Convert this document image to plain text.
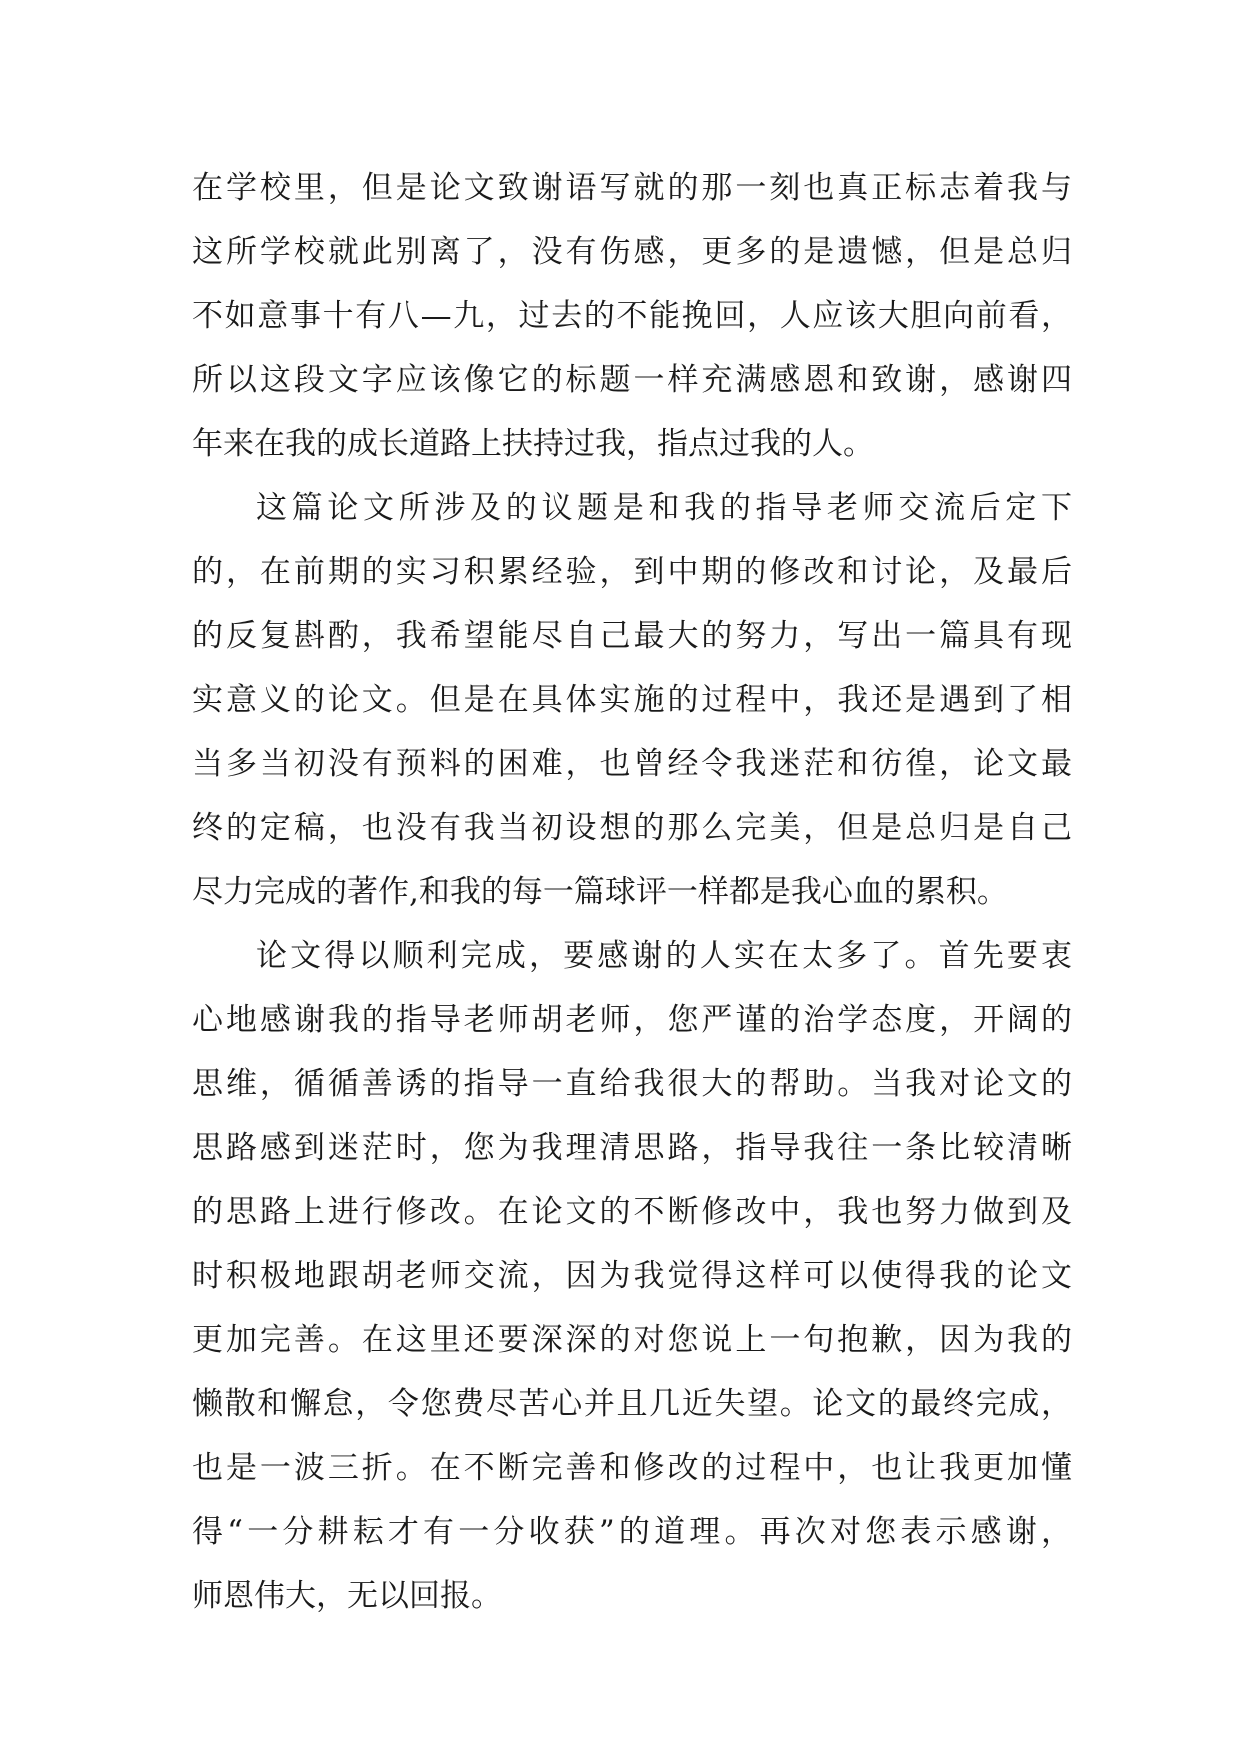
在学校里，但是论文致谢语写就的那一刻也真正标志着我与
这所学校就此别离了，没有伤感，更多的是遗憾，但是总归
不如意事十有八—九，过去的不能挽回，人应该大胆向前看，
所以这段文字应该像它的标题一样充满感恩和致谢，感谢四
年来在我的成长道路上扶持过我，指点过我的人。
这篇论文所涉及的议题是和我的指导老师交流后定下
的，在前期的实习积累经验，到中期的修改和讨论，及最后
的反复斟酌，我希望能尽自己最大的努力，写出一篇具有现
实意义的论文。但是在具体实施的过程中，我还是遇到了相
当多当初没有预料的困难，也曾经令我迷茫和彷徨，论文最
终的定稿，也没有我当初设想的那么完美，但是总归是自己
尽力完成的著作,和我的每一篇球评一样都是我心血的累积。
论文得以顺利完成，要感谢的人实在太多了。首先要衷
心地感谢我的指导老师胡老师，您严谨的治学态度，开阔的
思维，循循善诱的指导一直给我很大的帮助。当我对论文的
思路感到迷茫时，您为我理清思路，指导我往一条比较清晰
的思路上进行修改。在论文的不断修改中，我也努力做到及
时积极地跟胡老师交流，因为我觉得这样可以使得我的论文
更加完善。在这里还要深深的对您说上一句抱歉，因为我的
懒散和懈怠，令您费尽苦心并且几近失望。论文的最终完成，
也是一波三折。在不断完善和修改的过程中，也让我更加懂
得“一分耕耘才有一分收获”的道理。再次对您表示感谢，
师恩伟大，无以回报。
